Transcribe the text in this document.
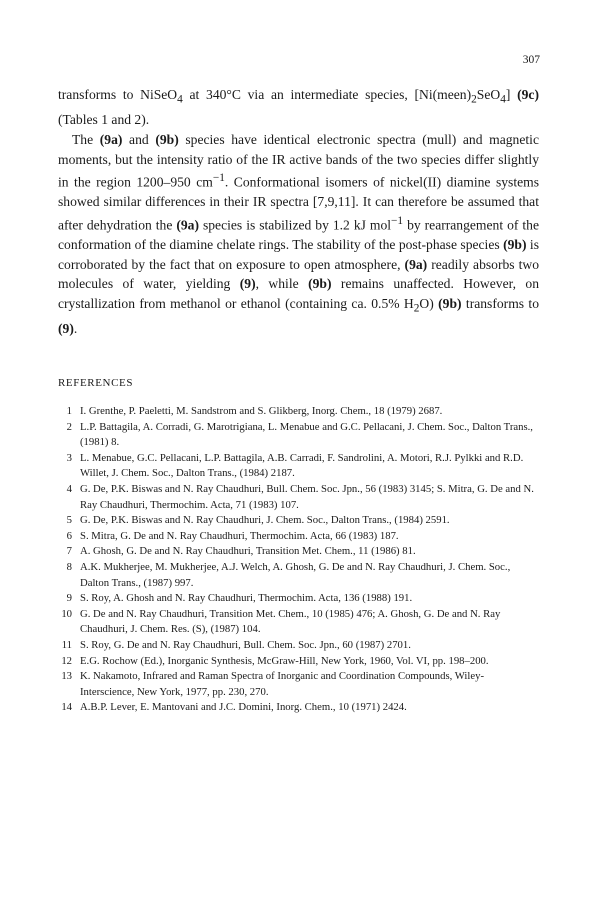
307

transforms to NiSeO$_4$ at 340°C via an intermediate species, $[Ni(meen)_2SeO_4]$ (9c) (Tables 1 and 2).

The (9a) and (9b) species have identical electronic spectra (mull) and magnetic moments, but the intensity ratio of the IR active bands of the two species differ slightly in the region 1200–950 $cm^{-1}$. Conformational isomers of nickel(II) diamine systems showed similar differences in their IR spectra [7,9,11]. It can therefore be assumed that after dehydration the (9a) species is stabilized by 1.2 kJ mol$^{-1}$ by rearrangement of the conformation of the diamine chelate rings. The stability of the post-phase species (9b) is corroborated by the fact that on exposure to open atmosphere, (9a) readily absorbs two molecules of water, yielding (9), while (9b) remains unaffected. However, on crystallization from methanol or ethanol (containing ca. 0.5% $H_2O$) (9b) transforms to (9).

REFERENCES
1 I. Grenthe, P. Paeletti, M. Sandstrom and S. Glikberg, Inorg. Chem., 18 (1979) 2687.
2 L.P. Battagila, A. Corradi, G. Marotrigiana, L. Menabue and G.C. Pellacani, J. Chem. Soc., Dalton Trans., (1981) 8.
3 L. Menabue, G.C. Pellacani, L.P. Battagila, A.B. Carradi, F. Sandrolini, A. Motori, R.J. Pylkki and R.D. Willet, J. Chem. Soc., Dalton Trans., (1984) 2187.
4 G. De, P.K. Biswas and N. Ray Chaudhuri, Bull. Chem. Soc. Jpn., 56 (1983) 3145; S. Mitra, G. De and N. Ray Chaudhuri, Thermochim. Acta, 71 (1983) 107.
5 G. De, P.K. Biswas and N. Ray Chaudhuri, J. Chem. Soc., Dalton Trans., (1984) 2591.
6 S. Mitra, G. De and N. Ray Chaudhuri, Thermochim. Acta, 66 (1983) 187.
7 A. Ghosh, G. De and N. Ray Chaudhuri, Transition Met. Chem., 11 (1986) 81.
8 A.K. Mukherjee, M. Mukherjee, A.J. Welch, A. Ghosh, G. De and N. Ray Chaudhuri, J. Chem. Soc., Dalton Trans., (1987) 997.
9 S. Roy, A. Ghosh and N. Ray Chaudhuri, Thermochim. Acta, 136 (1988) 191.
10 G. De and N. Ray Chaudhuri, Transition Met. Chem., 10 (1985) 476; A. Ghosh, G. De and N. Ray Chaudhuri, J. Chem. Res. (S), (1987) 104.
11 S. Roy, G. De and N. Ray Chaudhuri, Bull. Chem. Soc. Jpn., 60 (1987) 2701.
12 E.G. Rochow (Ed.), Inorganic Synthesis, McGraw-Hill, New York, 1960, Vol. VI, pp. 198–200.
13 K. Nakamoto, Infrared and Raman Spectra of Inorganic and Coordination Compounds, Wiley-Interscience, New York, 1977, pp. 230, 270.
14 A.B.P. Lever, E. Mantovani and J.C. Domini, Inorg. Chem., 10 (1971) 2424.
